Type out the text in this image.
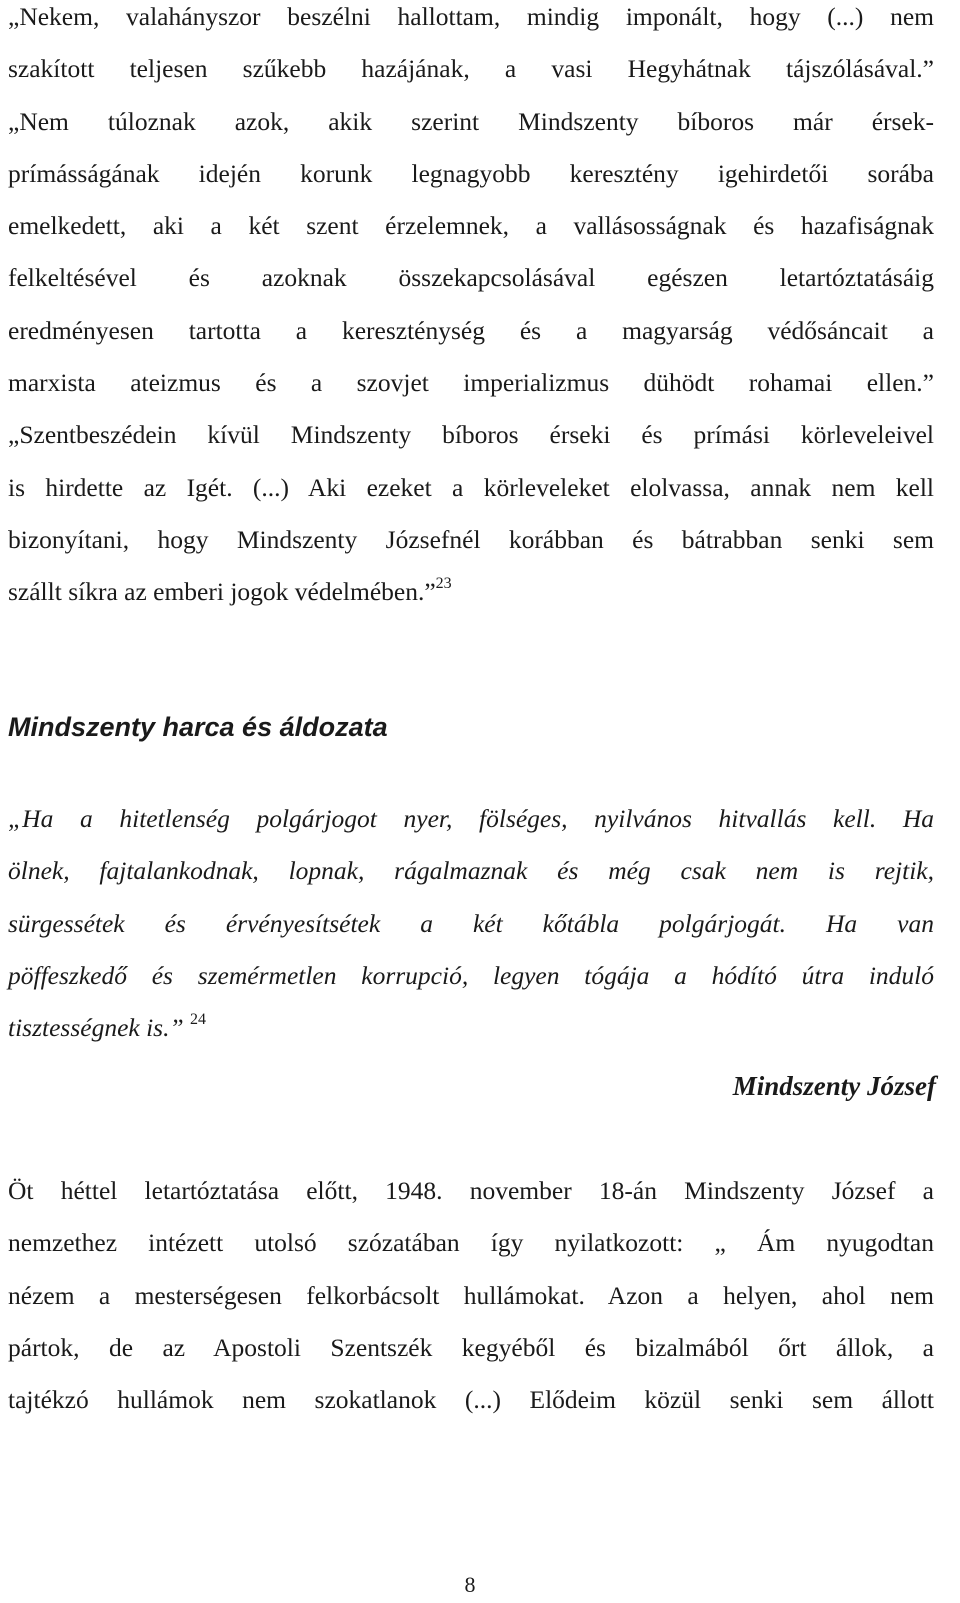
„Nekem, valahányszor beszélni hallottam, mindig imponált, hogy (...) nem
szakított teljesen szűkebb hazájának, a vasi Hegyhátnak tájszólásával.”
„Nem túloznak azok, akik szerint Mindszenty bíboros már érsek-
prímásságának idején korunk legnagyobb keresztény igehirdetői sorába
emelkedett, aki a két szent érzelemnek, a vallásosságnak és hazafiságnak
felkeltésével és azoknak összekapcsolásával egészen letartóztatásáig
eredményesen tartotta a kereszténység és a magyarság védősáncait a
marxista ateizmus és a szovjet imperializmus dühödt rohamai ellen.”
„Szentbeszédein kívül Mindszenty bíboros érseki és prímási körleveleivel
is hirdette az Igét. (...) Aki ezeket a körleveleket elolvassa, annak nem kell
bizonyítani, hogy Mindszenty Józsefnél korábban és bátrabban senki sem
szállt síkra az emberi jogok védelmében.”$^{23}$
Mindszenty harca és áldozata
„Ha a hitetlenség polgárjogot nyer, fölséges, nyilvános hitvallás kell. Ha
ölnek, fajtalankodnak, lopnak, rágalmaznak és még csak nem is rejtik,
sürgessétek és érvényesítsétek a két kőtábla polgárjogát. Ha van
pöffeszkedő és szemérmetlen korrupció, legyen tógája a hódító útra induló
tisztességnek is.” $^{24}$

Mindszenty József

Öt héttel letartóztatása előtt, 1948. november 18-án Mindszenty József a
nemzethez intézett utolsó szózatában így nyilatkozott: „ Ám nyugodtan
nézem a mesterségesen felkorbácsolt hullámokat. Azon a helyen, ahol nem
pártok, de az Apostoli Szentszék kegyéből és bizalmából őrt állok, a
tajtékzó hullámok nem szokatlanok (...) Elődeim közül senki sem állott
8
